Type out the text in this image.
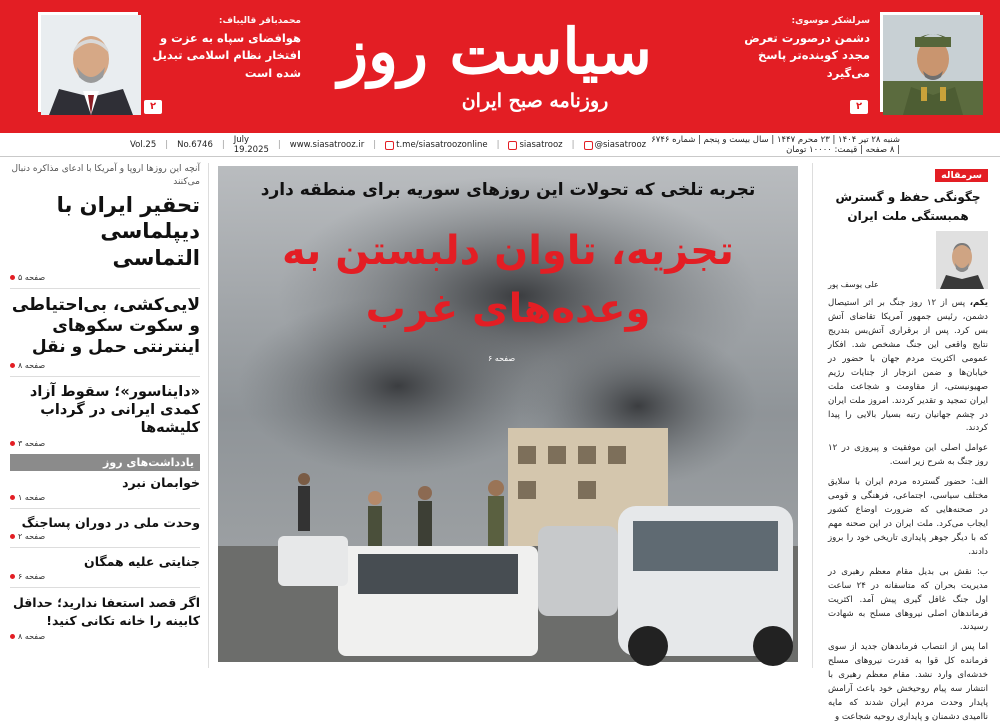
سرلشکر موسوی:
دشمن درصورت تعرض مجدد کوبنده‌تر پاسخ می‌گیرد
۲
سیاست روز
روزنامه صبح ایران
محمدباقر قالیباف:
هوافضای سپاه به عزت و افتخار نظام اسلامی تبدیل شده است
۲
Vol.25 | No.6746 | July 19.2025 | www.siasatrooz.ir | t.me/siasatroozonline | siasatrooz | @siasatrooz شنبه ۲۸ تیر ۱۴۰۴ | ۲۳ محرم ۱۴۴۷ | سال بیست و پنجم | شماره ۶۷۴۶ | ۸ صفحه | قیمت: ۱۰۰۰۰ تومان
آنچه این روزها اروپا و آمریکا با ادعای مذاکره دنبال می‌کنند
تحقیر ایران با دیپلماسی التماسی
صفحه ۵
لایی‌کشی، بی‌احتیاطی و سکوت سکوهای اینترنتی حمل و نقل
صفحه ۸
«دایناسور»؛ سقوط آزاد کمدی ایرانی در گرداب کلیشه‌ها
صفحه ۳
یادداشت‌های روز
خوابمان نبرد
صفحه ۱
وحدت ملی در دوران پساجنگ
صفحه ۲
جنایتی علیه همگان
صفحه ۶
اگر قصد استعفا ندارید؛ حداقل کابینه را خانه تکانی کنید!
صفحه ۸
تجربه تلخی که تحولات این روزهای سوریه برای منطقه دارد
تجزیه، تاوان دلبستن به وعده‌های غرب
صفحه ۶
سرمقاله
چگونگی حفظ و گسترش همبستگی ملت ایران
علی یوسف پور
یکم، پس از ۱۲ روز جنگ بر اثر استیصال دشمن، رئیس جمهور آمریکا تقاضای آتش بس کرد. پس از برقراری آتش‌بس بتدریج نتایج واقعی این جنگ مشخص شد. افکار عمومی اکثریت مردم جهان با حضور در خیابان‌ها و ضمن انزجار از جنایات رژیم صهیونیستی، از مقاومت و شجاعت ملت ایران تمجید و تقدیر کردند. امروز ملت ایران در چشم جهانیان رتبه بسیار بالایی را پیدا کردند.
عوامل اصلی این موفقیت و پیروزی در ۱۲ روز جنگ به شرح زیر است.
الف: حضور گسترده مردم ایران با سلایق مختلف سیاسی، اجتماعی، فرهنگی و قومی در صحنه‌هایی که ضرورت اوضاع کشور ایجاب می‌کرد. ملت ایران در این صحنه مهم که با دیگر جوهر پایداری تاریخی خود را بروز دادند.
ب: نقش بی بدیل مقام معظم رهبری در مدیریت بحران که متاسفانه در ۲۴ ساعت اول جنگ غافل گیری پیش آمد. اکثریت فرماندهان اصلی نیروهای مسلح به شهادت رسیدند.
اما پس از انتصاب فرماندهان جدید از سوی فرمانده کل قوا به قدرت نیروهای مسلح خدشه‌ای وارد نشد. مقام معظم رهبری با انتشار سه پیام روحیخش خود باعث آرامش پایدار وحدت مردم ایران شدند که مایه ناامیدی دشمنان و پایداری روحیه شجاعت و
